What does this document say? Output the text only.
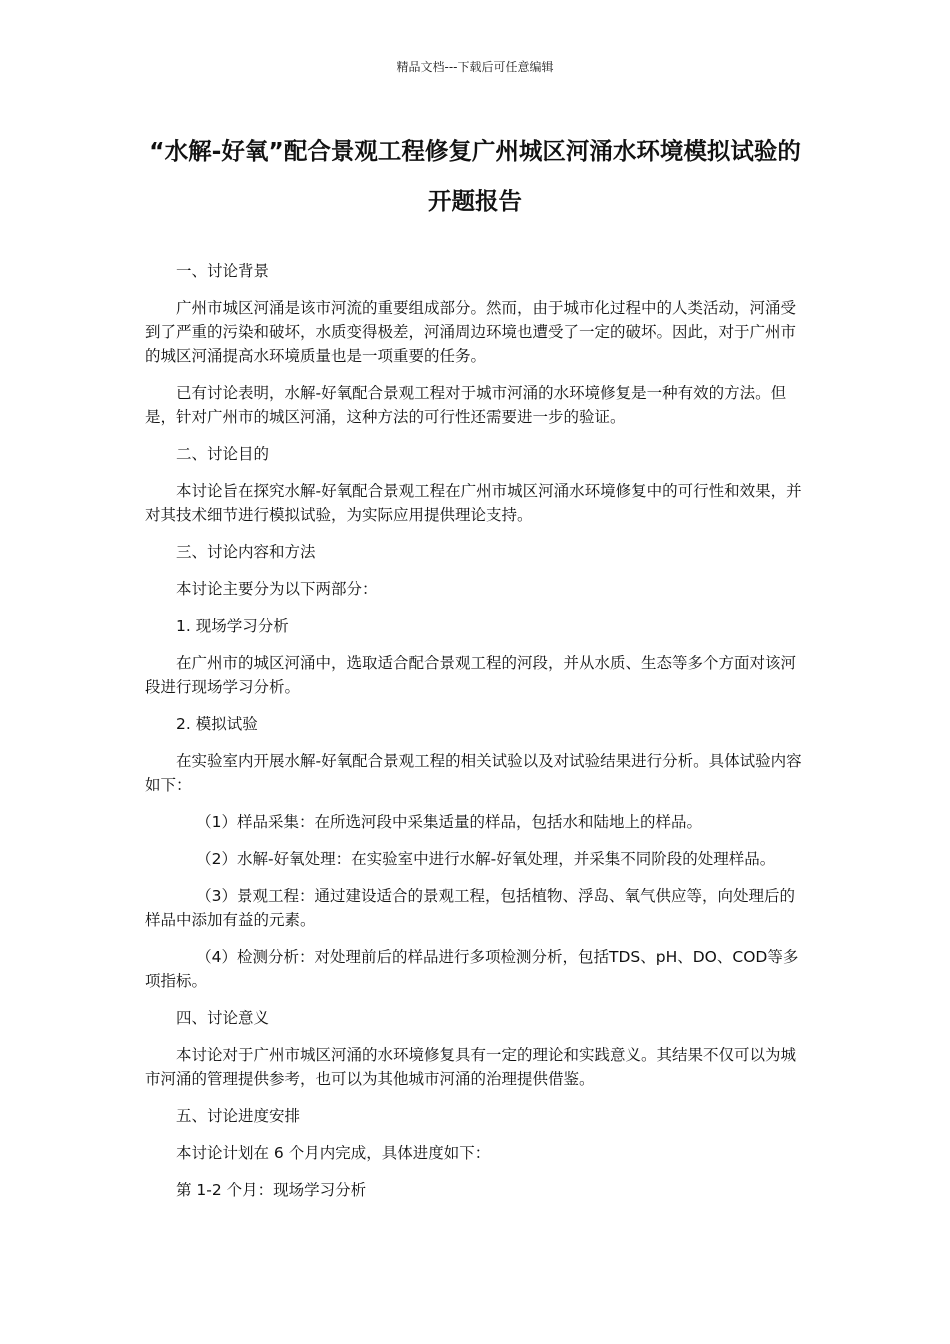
精品文档---下载后可任意编辑
“水解-好氧”配合景观工程修复广州城区河涌水环境模拟试验的开题报告

一、讨论背景

广州市城区河涌是该市河流的重要组成部分。然而，由于城市化过程中的人类活动，河涌受到了严重的污染和破坏，水质变得极差，河涌周边环境也遭受了一定的破坏。因此，对于广州市的城区河涌提高水环境质量也是一项重要的任务。

已有讨论表明，水解-好氧配合景观工程对于城市河涌的水环境修复是一种有效的方法。但是，针对广州市的城区河涌，这种方法的可行性还需要进一步的验证。

二、讨论目的

本讨论旨在探究水解-好氧配合景观工程在广州市城区河涌水环境修复中的可行性和效果，并对其技术细节进行模拟试验，为实际应用提供理论支持。

三、讨论内容和方法

本讨论主要分为以下两部分：

1. 现场学习分析

在广州市的城区河涌中，选取适合配合景观工程的河段，并从水质、生态等多个方面对该河段进行现场学习分析。

2. 模拟试验

在实验室内开展水解-好氧配合景观工程的相关试验以及对试验结果进行分析。具体试验内容如下：

（1）样品采集：在所选河段中采集适量的样品，包括水和陆地上的样品。

（2）水解-好氧处理：在实验室中进行水解-好氧处理，并采集不同阶段的处理样品。

（3）景观工程：通过建设适合的景观工程，包括植物、浮岛、氧气供应等，向处理后的样品中添加有益的元素。

（4）检测分析：对处理前后的样品进行多项检测分析，包括TDS、pH、DO、COD等多项指标。

四、讨论意义

本讨论对于广州市城区河涌的水环境修复具有一定的理论和实践意义。其结果不仅可以为城市河涌的管理提供参考，也可以为其他城市河涌的治理提供借鉴。

五、讨论进度安排

本讨论计划在 6 个月内完成，具体进度如下：

第 1-2 个月：现场学习分析
